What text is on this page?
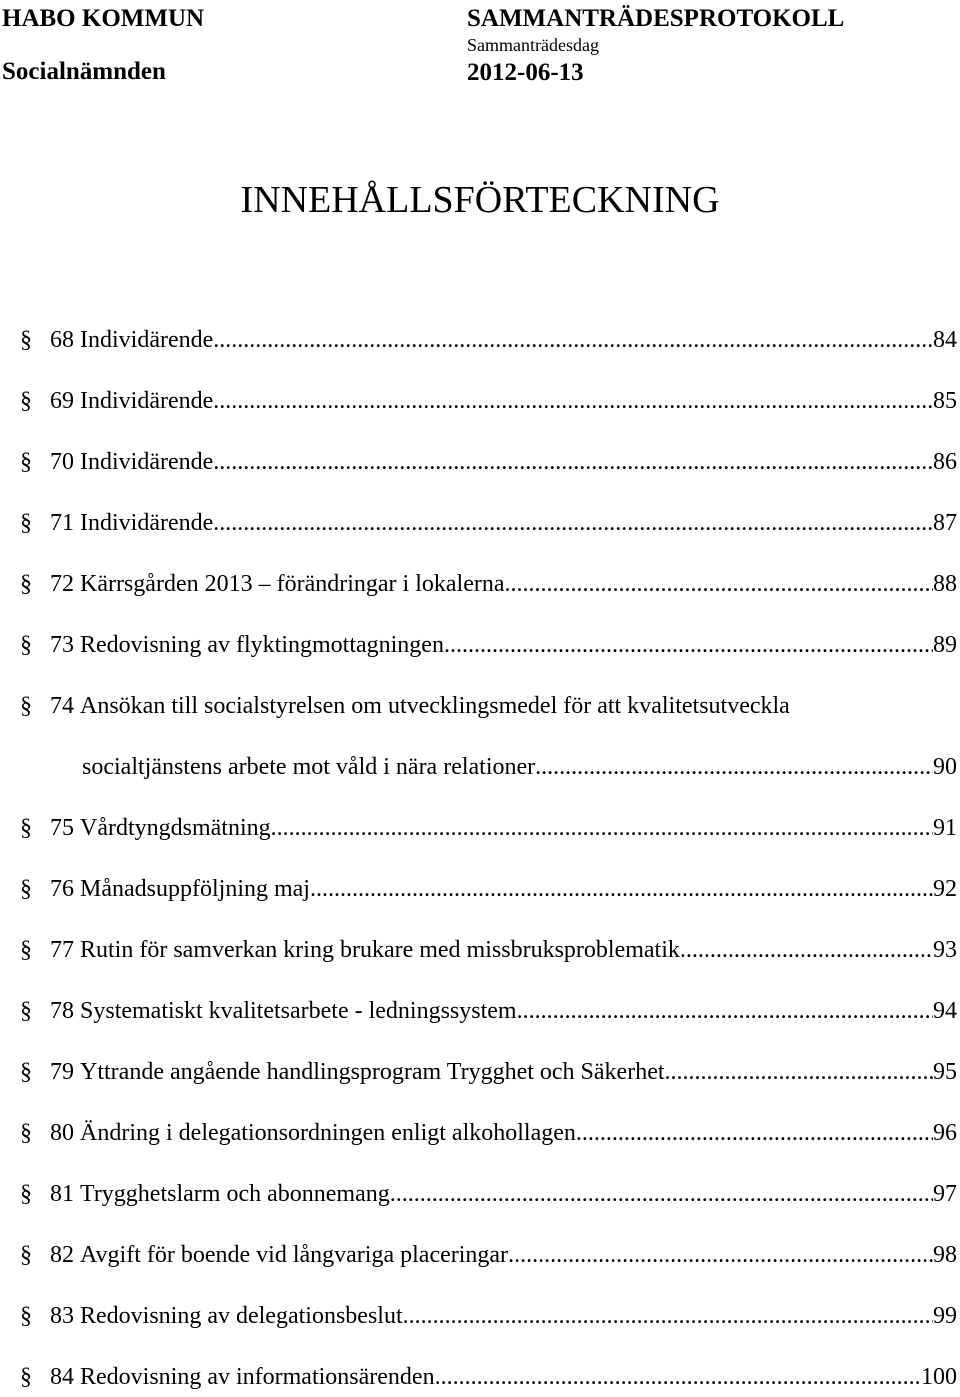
HABO KOMMUN
Socialnämnden
SAMMANTRÄDESPROTOKOLL
Sammanträdesdag
2012-06-13
INNEHÅLLSFÖRTECKNING
§ 68 Individärende .....	84
§ 69 Individärende .....	85
§ 70 Individärende .....	86
§ 71 Individärende .....	87
§ 72 Kärrsgården 2013 – förändringar i lokalerna .....	88
§ 73 Redovisning av flyktingmottagningen .....	89
§ 74 Ansökan till socialstyrelsen om utvecklingsmedel för att kvalitetsutveckla
socialtjänstens arbete mot våld i nära relationer .....	90
§ 75 Vårdtyngdsmätning .....	91
§ 76 Månadsuppföljning maj .....	92
§ 77 Rutin för samverkan kring brukare med missbruksproblematik .....	93
§ 78 Systematiskt kvalitetsarbete - ledningssystem .....	94
§ 79 Yttrande angående handlingsprogram Trygghet och Säkerhet .....	95
§ 80 Ändring i delegationsordningen enligt alkohollagen .....	96
§ 81 Trygghetslarm och abonnemang .....	97
§ 82 Avgift för boende vid långvariga placeringar .....	98
§ 83 Redovisning av delegationsbeslut .....	99
§ 84 Redovisning av informationsärenden .....	100
